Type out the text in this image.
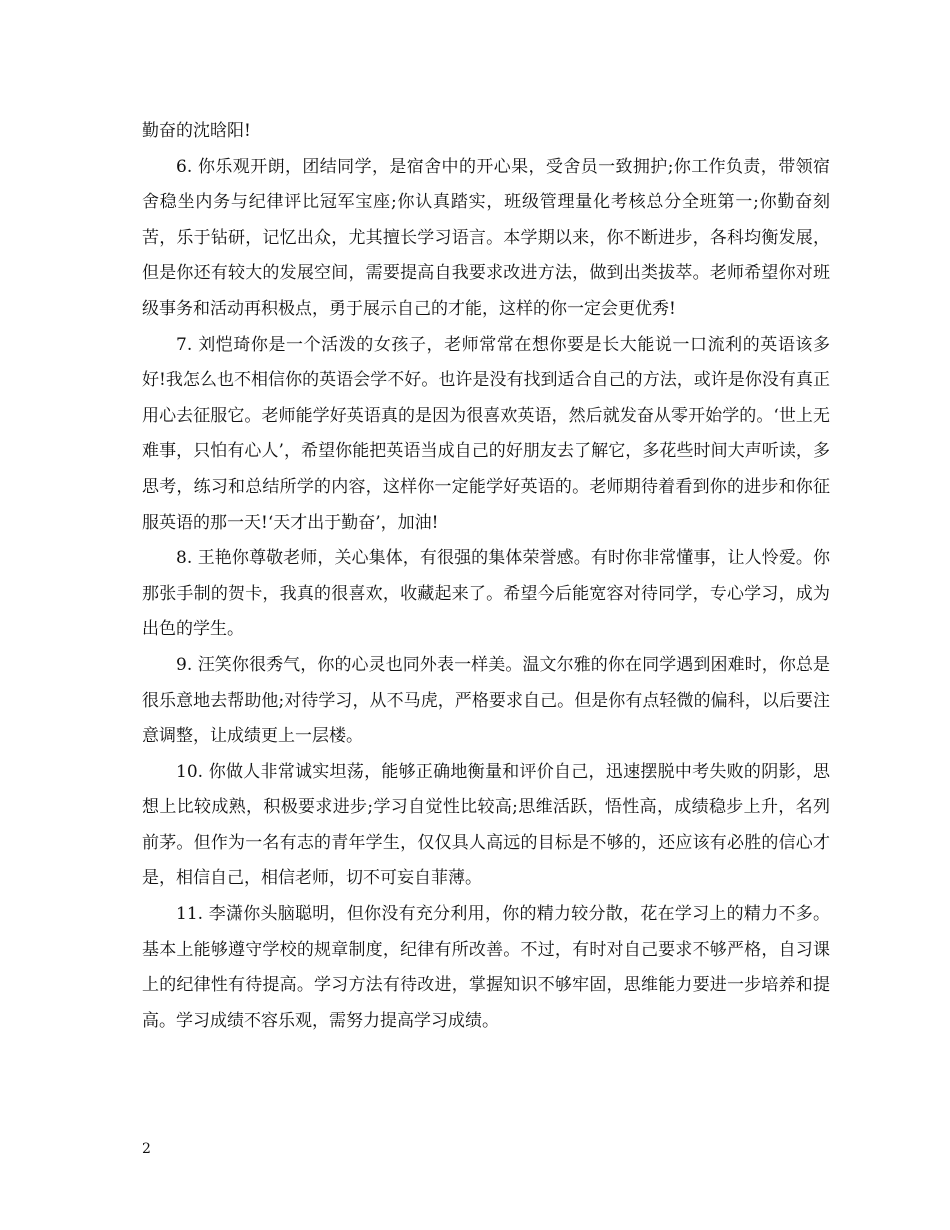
勤奋的沈晗阳!

6. 你乐观开朗，团结同学，是宿舍中的开心果，受舍员一致拥护;你工作负责，带领宿舍稳坐内务与纪律评比冠军宝座;你认真踏实，班级管理量化考核总分全班第一;你勤奋刻苦，乐于钻研，记忆出众，尤其擅长学习语言。本学期以来，你不断进步，各科均衡发展，但是你还有较大的发展空间，需要提高自我要求改进方法，做到出类拔萃。老师希望你对班级事务和活动再积极点，勇于展示自己的才能，这样的你一定会更优秀!

7. 刘恺琦你是一个活泼的女孩子，老师常常在想你要是长大能说一口流利的英语该多好!我怎么也不相信你的英语会学不好。也许是没有找到适合自己的方法，或许是你没有真正用心去征服它。老师能学好英语真的是因为很喜欢英语，然后就发奋从零开始学的。‘世上无难事，只怕有心人’，希望你能把英语当成自己的好朋友去了解它，多花些时间大声听读，多思考，练习和总结所学的内容，这样你一定能学好英语的。老师期待着看到你的进步和你征服英语的那一天!‘天才出于勤奋’，加油!

8. 王艳你尊敬老师，关心集体，有很强的集体荣誉感。有时你非常懂事，让人怜爱。你那张手制的贺卡，我真的很喜欢，收藏起来了。希望今后能宽容对待同学，专心学习，成为出色的学生。

9. 汪笑你很秀气，你的心灵也同外表一样美。温文尔雅的你在同学遇到困难时，你总是很乐意地去帮助他;对待学习，从不马虎，严格要求自己。但是你有点轻微的偏科，以后要注意调整，让成绩更上一层楼。

10. 你做人非常诚实坦荡，能够正确地衡量和评价自己，迅速摆脱中考失败的阴影，思想上比较成熟，积极要求进步;学习自觉性比较高;思维活跃，悟性高，成绩稳步上升，名列前茅。但作为一名有志的青年学生，仅仅具人高远的目标是不够的，还应该有必胜的信心才是，相信自己，相信老师，切不可妄自菲薄。

11. 李潇你头脑聪明，但你没有充分利用，你的精力较分散，花在学习上的精力不多。基本上能够遵守学校的规章制度，纪律有所改善。不过，有时对自己要求不够严格，自习课上的纪律性有待提高。学习方法有待改进，掌握知识不够牢固，思维能力要进一步培养和提高。学习成绩不容乐观，需努力提高学习成绩。

2
